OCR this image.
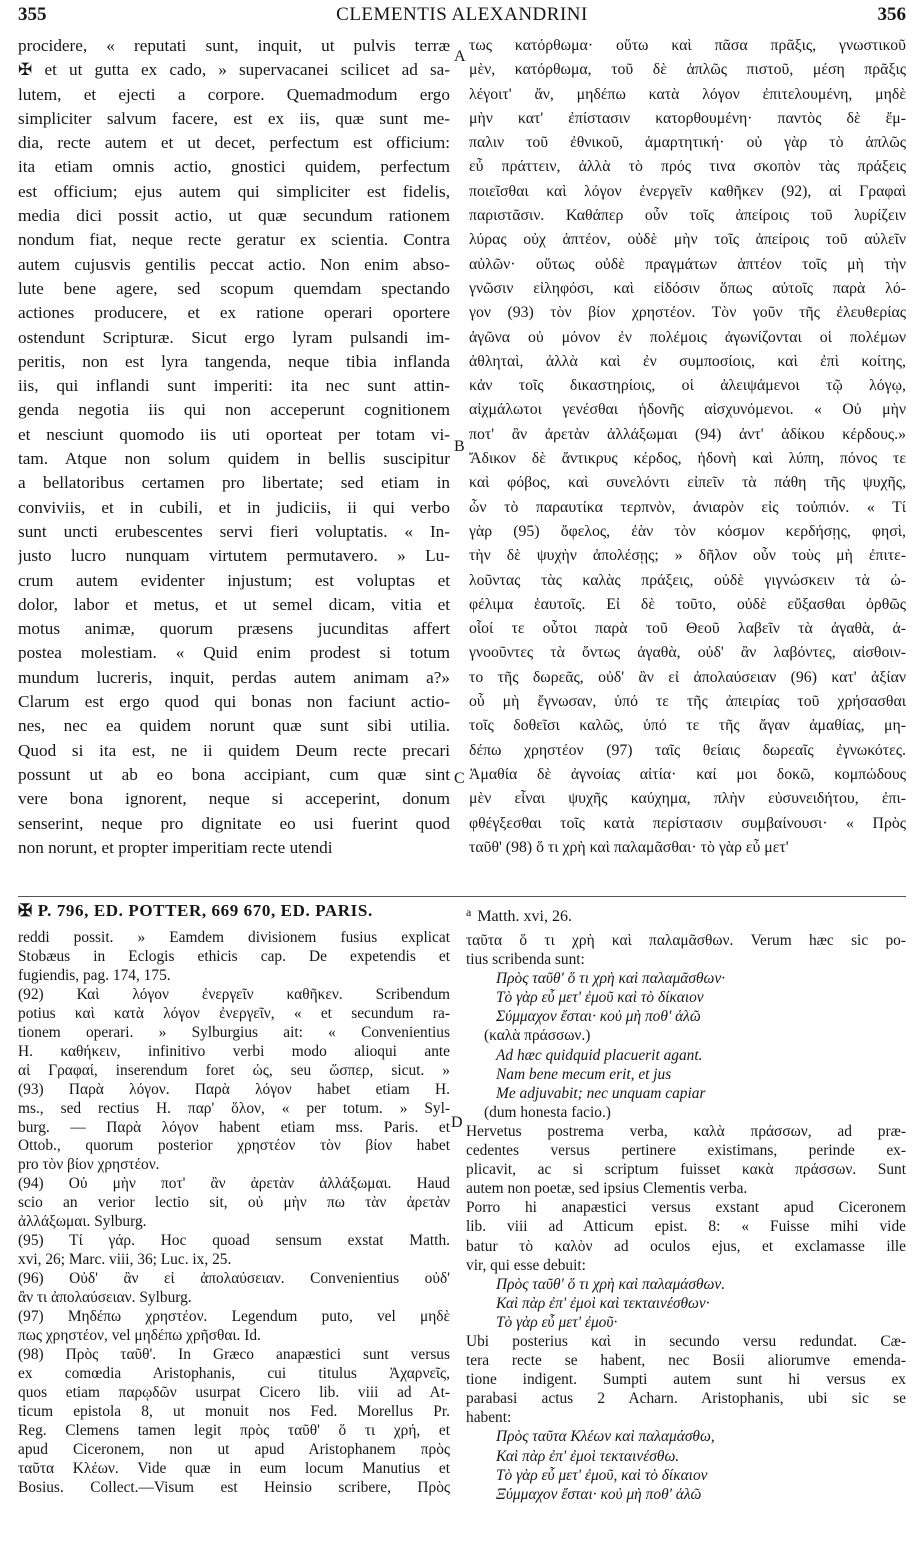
355	CLEMENTIS ALEXANDRINI	356
procidere, « reputati sunt, inquit, ut pulvis terræ
✠ et ut gutta ex cado, » supervacanei scilicet ad sa-
lutem, et ejecti a corpore. Quemadmodum ergo
simpliciter salvum facere, est ex iis, quæ sunt me-
dia, recte autem et ut decet, perfectum est officium:
ita etiam omnis actio, gnostici quidem, perfectum
est officium; ejus autem qui simpliciter est fidelis,
media dici possit actio, ut quæ secundum rationem
nondum fiat, neque recte geratur ex scientia. Contra
autem cujusvis gentilis peccat actio. Non enim abso-
lute bene agere, sed scopum quemdam spectando
actiones producere, et ex ratione operari oportere
ostendunt Scripturæ. Sicut ergo lyram pulsandi im-
peritis, non est lyra tangenda, neque tibia inflanda
iis, qui inflandi sunt imperiti: ita nec sunt attin-
genda negotia iis qui non acceperunt cognitionem
et nesciunt quomodo iis uti oporteat per totam vi-
tam. Atque non solum quidem in bellis suscipitur
a bellatoribus certamen pro libertate; sed etiam in
conviviis, et in cubili, et in judiciis, ii qui verbo
sunt uncti erubescentes servi fieri voluptatis. « In-
justo lucro nunquam virtutem permutavero. » Lu-
crum autem evidenter injustum; est voluptas et
dolor, labor et metus, et ut semel dicam, vitia et
motus animæ, quorum præsens jucunditas affert
postea molestiam. « Quid enim prodest si totum
mundum lucreris, inquit, perdas autem animam a?»
Clarum est ergo quod qui bonas non faciunt actio-
nes, nec ea quidem norunt quæ sunt sibi utilia.
Quod si ita est, ne ii quidem Deum recte precari
possunt ut ab eo bona accipiant, cum quæ sint
vere bona ignorent, neque si acceperint, donum
senserint, neque pro dignitate eo usi fuerint quod
non norunt, et propter imperitiam recte utendi
A
B
C
τως κατόρθωμα· οὕτω καὶ πᾶσα πρᾶξις, γνωστικοῦ
μὲν, κατόρθωμα, τοῦ δὲ ἁπλῶς πιστοῦ, μέση πρᾶξις
λέγοιτ' ἄν, μηδέπω κατὰ λόγον ἐπιτελουμένη, μηδὲ
μὴν κατ' ἐπίστασιν κατορθουμένη· παντὸς δὲ ἔμ-
παλιν τοῦ ἐθνικοῦ, ἁμαρτητική· οὐ γὰρ τὸ ἁπλῶς
εὖ πράττειν, ἀλλὰ τὸ πρός τινα σκοπὸν τὰς πράξεις
ποιεῖσθαι καὶ λόγον ἐνεργεῖν καθῆκεν (92), αἱ Γραφαὶ
παριστᾶσιν. Καθάπερ οὖν τοῖς ἀπείροις τοῦ λυρίζειν
λύρας οὐχ ἁπτέον, οὐδὲ μὴν τοῖς ἀπείροις τοῦ αὐλεῖν
αὐλῶν· οὕτως οὐδὲ πραγμάτων ἁπτέον τοῖς μὴ τὴν
γνῶσιν εἰληφόσι, καὶ εἰδόσιν ὅπως αὐτοῖς παρὰ λό-
γον (93) τὸν βίον χρηστέον. Τὸν γοῦν τῆς ἐλευθερίας
ἀγῶνα οὐ μόνον ἐν πολέμοις ἀγωνίζονται οἱ πολέμων
ἀθληταὶ, ἀλλὰ καὶ ἐν συμποσίοις, καὶ ἐπὶ κοίτης,
κἀν τοῖς δικαστηρίοις, οἱ ἀλειψάμενοι τῷ λόγῳ,
αἰχμάλωτοι γενέσθαι ἡδονῆς αἰσχυνόμενοι. « Οὐ μὴν
ποτ' ἂν ἀρετὰν ἀλλάξωμαι (94) ἀντ' ἀδίκου κέρδους.»
Ἄδικον δὲ ἄντικρυς κέρδος, ἡδονὴ καὶ λύπη, πόνος τε
καὶ φόβος, καὶ συνελόντι εἰπεῖν τὰ πάθη τῆς ψυχῆς,
ὧν τὸ παραυτίκα τερπνὸν, ἀνιαρὸν εἰς τοὐπιόν. « Τί
γὰρ (95) ὄφελος, ἐὰν τὸν κόσμον κερδήσῃς, φησὶ,
τὴν δὲ ψυχὴν ἀπολέσῃς; » δῆλον οὖν τοὺς μὴ ἐπιτε-
λοῦντας τὰς καλὰς πράξεις, οὐδὲ γιγνώσκειν τὰ ὠ-
φέλιμα ἑαυτοῖς. Εἰ δὲ τοῦτο, οὐδὲ εὔξασθαι ὀρθῶς
οἷοί τε οὗτοι παρὰ τοῦ Θεοῦ λαβεῖν τὰ ἀγαθὰ, ἀ-
γνοοῦντες τὰ ὄντως ἀγαθὰ, οὐδ' ἂν λαβόντες, αἰσθοιν-
το τῆς δωρεᾶς, οὐδ' ἂν εἰ ἀπολαύσειαν (96) κατ' ἀξίαν
οὗ μὴ ἔγνωσαν, ὑπό τε τῆς ἀπειρίας τοῦ χρήσασθαι
τοῖς δοθεῖσι καλῶς, ὑπό τε τῆς ἄγαν ἀμαθίας, μη-
δέπω χρηστέον (97) ταῖς θείαις δωρεαῖς ἐγνωκότες.
Ἀμαθία δὲ ἀγνοίας αἰτία· καί μοι δοκῶ, κομπώδους
μὲν εἶναι ψυχῆς καύχημα, πλὴν εὐσυνειδήτου, ἐπι-
φθέγξεσθαι τοῖς κατὰ περίστασιν συμβαίνουσι· « Πρὸς
ταῦθ' (98) ὅ τι χρὴ καὶ παλαμᾶσθαι· τὸ γὰρ εὖ μετ'
✠ P. 796, ED. POTTER, 669 670, ED. PARIS.	$^a$ Matth. xvi, 26.
reddi possit. » Eamdem divisionem fusius explicat
Stobæus in Eclogis ethicis cap. De expetendis et
fugiendis, pag. 174, 175.
(92) Καὶ λόγον ἐνεργεῖν καθῆκεν. Scribendum
potius καὶ κατὰ λόγον ἐνεργεῖν, « et secundum ra-
tionem operari. » Sylburgius ait: « Convenientius
H. καθήκειν, infinitivo verbi modo alioqui ante
αἱ Γραφαί, inserendum foret ὡς, seu ὥσπερ, sicut. »
(93) Παρὰ λόγον. Παρὰ λόγον habet etiam H.
ms., sed rectius H. παρ' ὅλον, « per totum. » Syl-
burg. — Παρὰ λόγον habent etiam mss. Paris. et
Ottob., quorum posterior χρηστέον τὸν βίον habet
pro τὸν βίον χρηστέον.
(94) Οὐ μὴν ποτ' ἂν ἀρετὰν ἀλλάξωμαι. Haud
scio an verior lectio sit, οὐ μὴν πω τὰν ἀρετὰν
ἀλλάξωμαι. Sylburg.
(95) Τί γάρ. Hoc quoad sensum exstat Matth.
xvi, 26; Marc. viii, 36; Luc. ix, 25.
(96) Οὐδ' ἂν εἰ ἀπολαύσειαν. Convenientius οὐδ'
ἂν τι ἀπολαύσειαν. Sylburg.
(97) Μηδέπω χρηστέον. Legendum puto, vel μηδὲ
πως χρηστέον, vel μηδέπω χρῆσθαι. Id.
(98) Πρὸς ταῦθ'. In Græco anapæstici sunt versus
ex comœdia Aristophanis, cui titulus Ἀχαρνεῖς,
quos etiam παρῳδῶν usurpat Cicero lib. viii ad At-
ticum epistola 8, ut monuit nos Fed. Morellus Pr.
Reg. Clemens tamen legit πρὸς ταῦθ' ὅ τι χρή, et
apud Ciceronem, non ut apud Aristophanem πρὸς
ταῦτα Κλέων. Vide quæ in eum locum Manutius et
Bosius. Collect.—Visum est Heinsio scribere, Πρὸς
D
ταῦτα ὅ τι χρὴ καὶ παλαμᾶσθων. Verum hæc sic po-
tius scribenda sunt:
Πρὸς ταῦθ' ὅ τι χρὴ καὶ παλαμᾶσθων·
Τὸ γὰρ εὖ μετ' ἐμοῦ καὶ τὸ δίκαιον
Σύμμαχον ἔσται· κοὐ μὴ ποθ' ἁλῶ
(καλὰ πράσσων.)
Ad hæc quidquid placuerit agant.
Nam bene mecum erit, et jus
Me adjuvabit; nec unquam capiar
(dum honesta facio.)
Hervetus postrema verba, καλὰ πράσσων, ad præ-
cedentes versus pertinere existimans, perinde ex-
plicavit, ac si scriptum fuisset κακὰ πράσσων. Sunt
autem non poetæ, sed ipsius Clementis verba.
Porro hi anapæstici versus exstant apud Ciceronem
lib. viii ad Atticum epist. 8: « Fuisse mihi vide
batur τὸ καλὸν ad oculos ejus, et exclamasse ille
vir, qui esse debuit:
Πρὸς ταῦθ' ὅ τι χρὴ καὶ παλαμάσθων.
Καὶ πὰρ ἐπ' ἐμοὶ καὶ τεκταινέσθων·
Τὸ γὰρ εὖ μετ' ἐμοῦ·
Ubi posterius καὶ in secundo versu redundat. Cæ-
tera recte se habent, nec Bosii aliorumve emenda-
tione indigent. Sumpti autem sunt hi versus ex
parabasi actus 2 Acharn. Aristophanis, ubi sic se
habent:
Πρὸς ταῦτα Κλέων καὶ παλαμάσθω,
Καὶ πὰρ ἐπ' ἐμοὶ τεκταινέσθω.
Τὸ γὰρ εὖ μετ' ἐμοῦ, καὶ τὸ δίκαιον
Ξύμμαχον ἔσται· κοὐ μὴ ποθ' ἁλῶ
